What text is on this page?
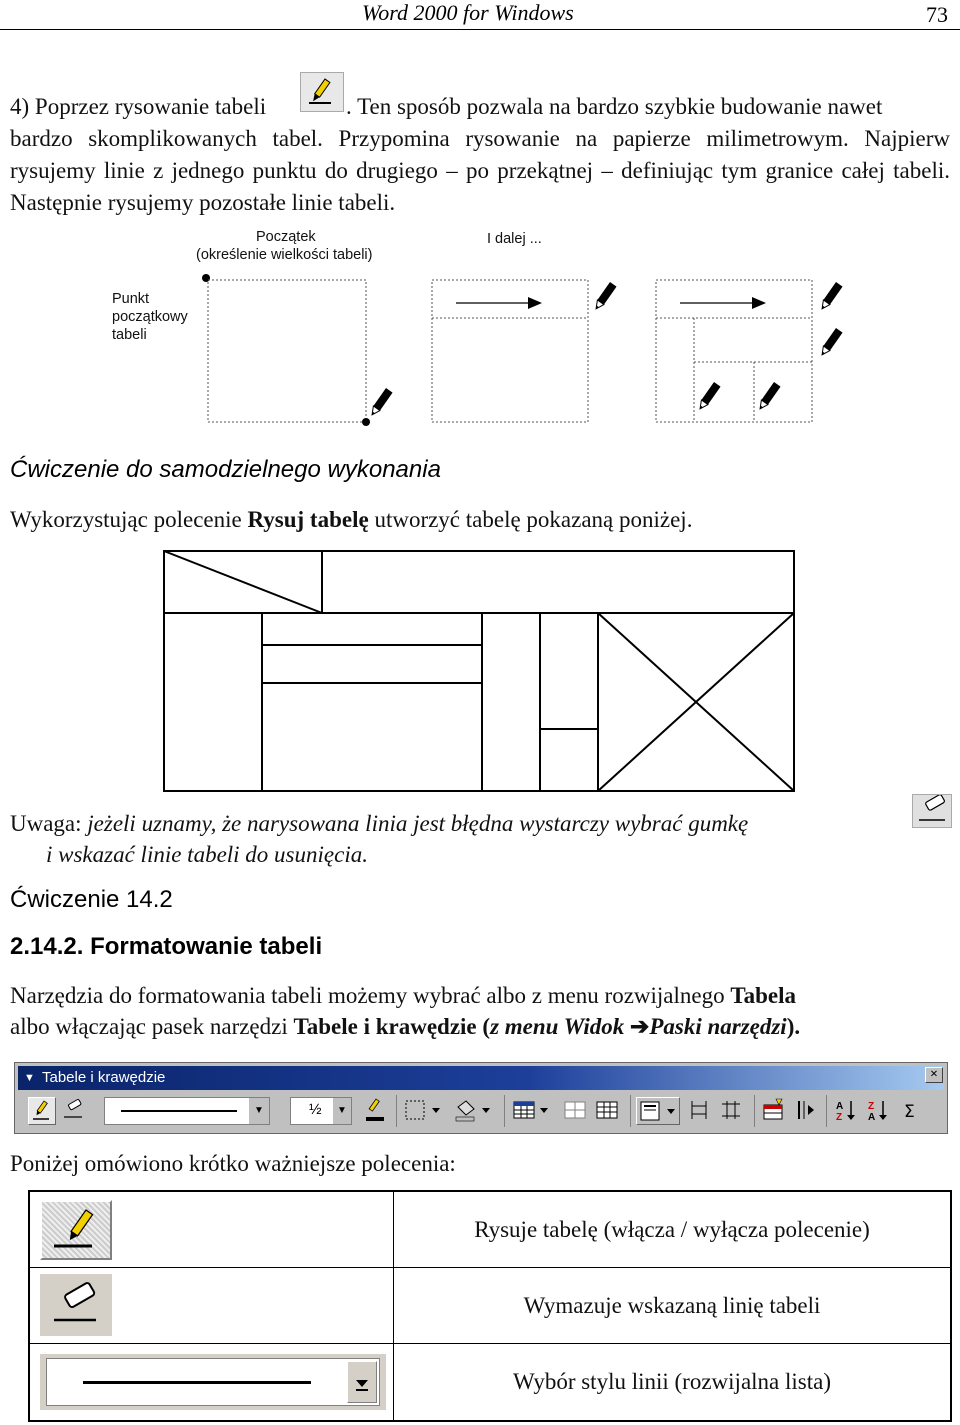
Word 2000 for Windows	73
4) Poprzez rysowanie tabeli	. Ten sposób pozwala na bardzo szybkie budowanie nawet
bardzo skomplikowanych tabel. Przypomina rysowanie na papierze milimetrowym. Najpierw rysujemy linie z jednego punktu do drugiego – po przekątnej – definiując tym granice całej tabeli. Następnie rysujemy pozostałe linie tabeli.
Początek
(określenie wielkości tabeli)
I dalej ...
Punkt
początkowy
tabeli
Ćwiczenie do samodzielnego wykonania
Wykorzystując polecenie Rysuj tabelę utworzyć tabelę pokazaną poniżej.
Uwaga: jeżeli uznamy, że narysowana linia jest błędna wystarczy wybrać gumkę
i wskazać linie tabeli do usunięcia.
Ćwiczenie 14.2
2.14.2. Formatowanie tabeli
Narzędzia do formatowania tabeli możemy wybrać albo z menu rozwijalnego Tabela
albo włączając pasek narzędzi Tabele i krawędzie (z menu Widok ➔Paski narzędzi).
▼ Tabele i krawędzie	×
▼	½	▼	A
Z
Z
A Σ
Poniżej omówiono krótko ważniejsze polecenia:
Rysuje tabelę (włącza / wyłącza polecenie)
Wymazuje wskazaną linię tabeli
Wybór stylu linii (rozwijalna lista)
